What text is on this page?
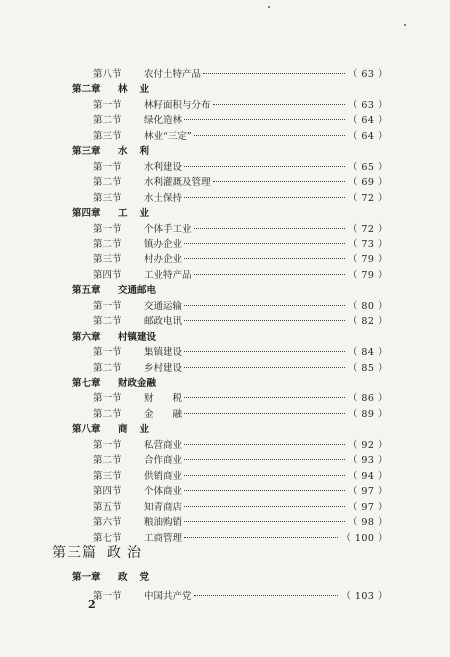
第八节 农付土特产品	（ 63 ）
第二章 林业
第一节 林籽面积与分布	（ 63 ）
第二节 绿化造林	（ 64 ）
第三节 林业“三定”	（ 64 ）
第三章 水利
第一节 水利建设	（ 65 ）
第二节 水利灌溉及管理	（ 69 ）
第三节 水土保持	（ 72 ）
第四章 工业
第一节 个体手工业	（ 72 ）
第二节 镇办企业	（ 73 ）
第三节 村办企业	（ 79 ）
第四节 工业特产品	（ 79 ）
第五章 交通邮电
第一节 交通运输	（ 80 ）
第二节 邮政电讯	（ 82 ）
第六章 村镇建设
第一节 集镇建设	（ 84 ）
第二节 乡村建设	（ 85 ）
第七章 财政金融
第一节 财　　税	（ 86 ）
第二节 金　　融	（ 89 ）
第八章 商业
第一节 私营商业	（ 92 ）
第二节 合作商业	（ 93 ）
第三节 供销商业	（ 94 ）
第四节 个体商业	（ 97 ）
第五节 知青商店	（ 97 ）
第六节 粮油购销	（ 98 ）
第七节 工商管理	（ 100 ）
第三篇 政治
第一章 政党
第一节 中国共产党	（ 103 ）
2
